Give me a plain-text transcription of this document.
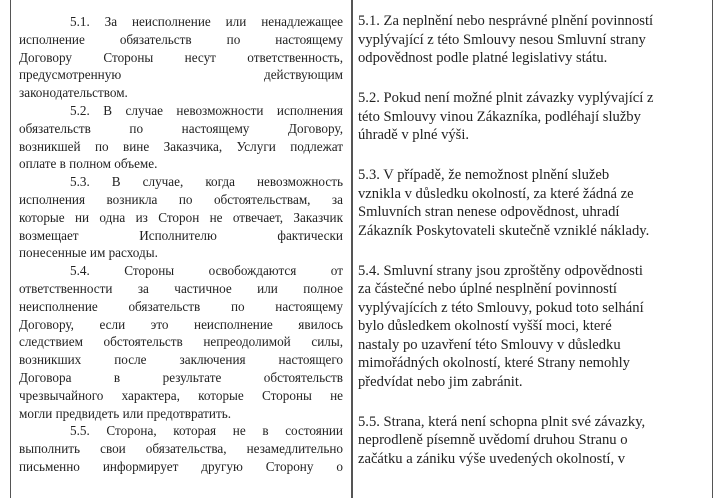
5.1. За неисполнение или ненадлежащее
исполнение обязательств по настоящему
Договору Стороны несут ответственность,
предусмотренную действующим
законодательством.
5.2. В случае невозможности исполнения
обязательств по настоящему Договору,
возникшей по вине Заказчика, Услуги подлежат
оплате в полном объеме.
5.3. В случае, когда невозможность
исполнения возникла по обстоятельствам, за
которые ни одна из Сторон не отвечает, Заказчик
возмещает Исполнителю фактически
понесенные им расходы.
5.4. Стороны освобождаются от
ответственности за частичное или полное
неисполнение обязательств по настоящему
Договору, если это неисполнение явилось
следствием обстоятельств непреодолимой силы,
возникших после заключения настоящего
Договора в результате обстоятельств
чрезвычайного характера, которые Стороны не
могли предвидеть или предотвратить.
5.5. Сторона, которая не в состоянии
выполнить свои обязательства, незамедлительно
письменно информирует другую Сторону о
5.1. Za neplnění nebo nesprávné plnění povinností
vyplývající z této Smlouvy nesou Smluvní strany
odpovědnost podle platné legislativy státu.
5.2. Pokud není možné plnit závazky vyplývající z
této Smlouvy vinou Zákazníka, podléhají služby
úhradě v plné výši.
5.3. V případě, že nemožnost plnění služeb
vznikla v důsledku okolností, za které žádná ze
Smluvních stran nenese odpovědnost, uhradí
Zákazník Poskytovateli skutečně vzniklé náklady.
5.4. Smluvní strany jsou zproštěny odpovědnosti
za částečné nebo úplné nesplnění povinností
vyplývajících z této Smlouvy, pokud toto selhání
bylo důsledkem okolností vyšší moci, které
nastaly po uzavření této Smlouvy v důsledku
mimořádných okolností, které Strany nemohly
předvídat nebo jim zabránit.
5.5. Strana, která není schopna plnit své závazky,
neprodleně písemně uvědomí druhou Stranu o
začátku a zániku výše uvedených okolností, v
